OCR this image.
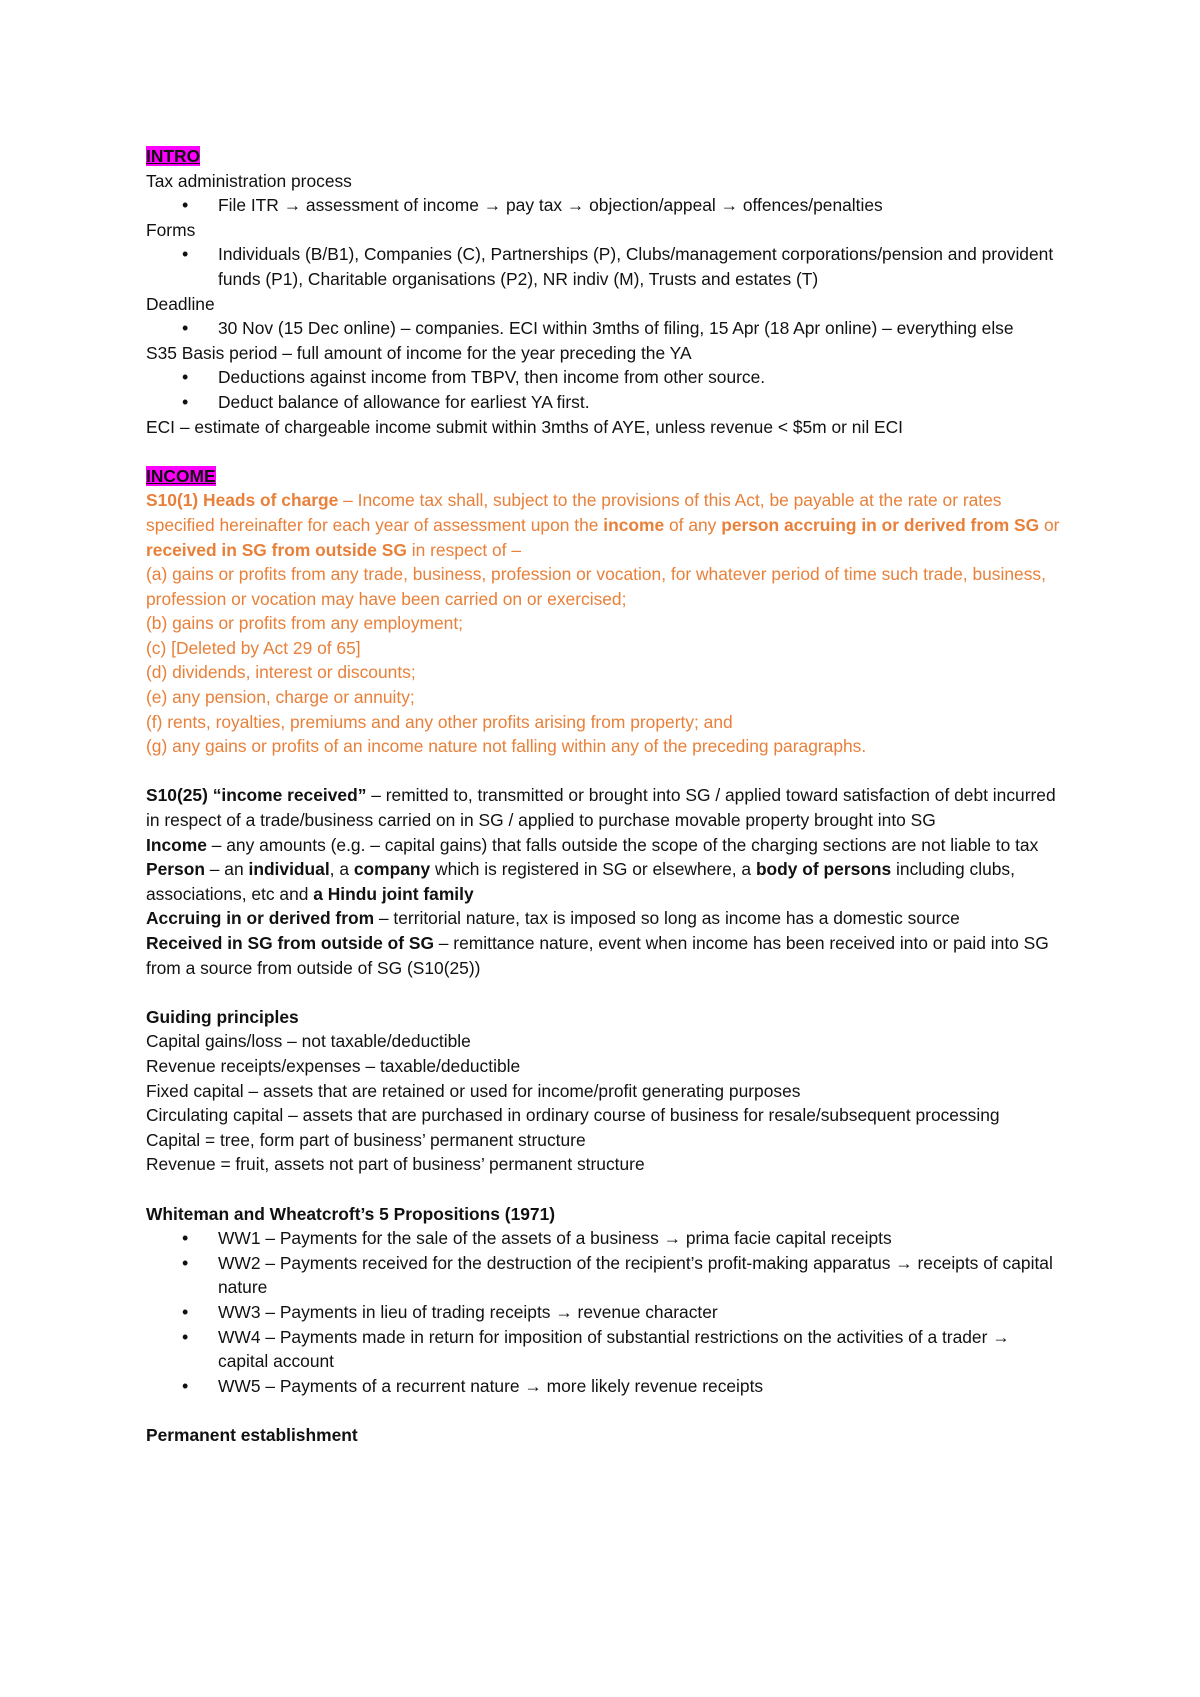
INTRO
Tax administration process
• File ITR → assessment of income → pay tax → objection/appeal → offences/penalties
Forms
• Individuals (B/B1), Companies (C), Partnerships (P), Clubs/management corporations/pension and provident funds (P1), Charitable organisations (P2), NR indiv (M), Trusts and estates (T)
Deadline
• 30 Nov (15 Dec online) – companies. ECI within 3mths of filing, 15 Apr (18 Apr online) – everything else
S35 Basis period – full amount of income for the year preceding the YA
• Deductions against income from TBPV, then income from other source.
• Deduct balance of allowance for earliest YA first.
ECI – estimate of chargeable income submit within 3mths of AYE, unless revenue < $5m or nil ECI
INCOME
S10(1) Heads of charge – Income tax shall, subject to the provisions of this Act, be payable at the rate or rates specified hereinafter for each year of assessment upon the income of any person accruing in or derived from SG or received in SG from outside SG in respect of –
(a) gains or profits from any trade, business, profession or vocation, for whatever period of time such trade, business, profession or vocation may have been carried on or exercised;
(b) gains or profits from any employment;
(c) [Deleted by Act 29 of 65]
(d) dividends, interest or discounts;
(e) any pension, charge or annuity;
(f) rents, royalties, premiums and any other profits arising from property; and
(g) any gains or profits of an income nature not falling within any of the preceding paragraphs.
S10(25) “income received” – remitted to, transmitted or brought into SG / applied toward satisfaction of debt incurred in respect of a trade/business carried on in SG / applied to purchase movable property brought into SG
Income – any amounts (e.g. – capital gains) that falls outside the scope of the charging sections are not liable to tax
Person – an individual, a company which is registered in SG or elsewhere, a body of persons including clubs, associations, etc and a Hindu joint family
Accruing in or derived from – territorial nature, tax is imposed so long as income has a domestic source
Received in SG from outside of SG – remittance nature, event when income has been received into or paid into SG from a source from outside of SG (S10(25))
Guiding principles
Capital gains/loss – not taxable/deductible
Revenue receipts/expenses – taxable/deductible
Fixed capital – assets that are retained or used for income/profit generating purposes
Circulating capital – assets that are purchased in ordinary course of business for resale/subsequent processing
Capital = tree, form part of business’ permanent structure
Revenue = fruit, assets not part of business’ permanent structure
Whiteman and Wheatcroft’s 5 Propositions (1971)
• WW1 – Payments for the sale of the assets of a business → prima facie capital receipts
• WW2 – Payments received for the destruction of the recipient’s profit-making apparatus → receipts of capital nature
• WW3 – Payments in lieu of trading receipts → revenue character
• WW4 – Payments made in return for imposition of substantial restrictions on the activities of a trader → capital account
• WW5 – Payments of a recurrent nature → more likely revenue receipts
Permanent establishment
